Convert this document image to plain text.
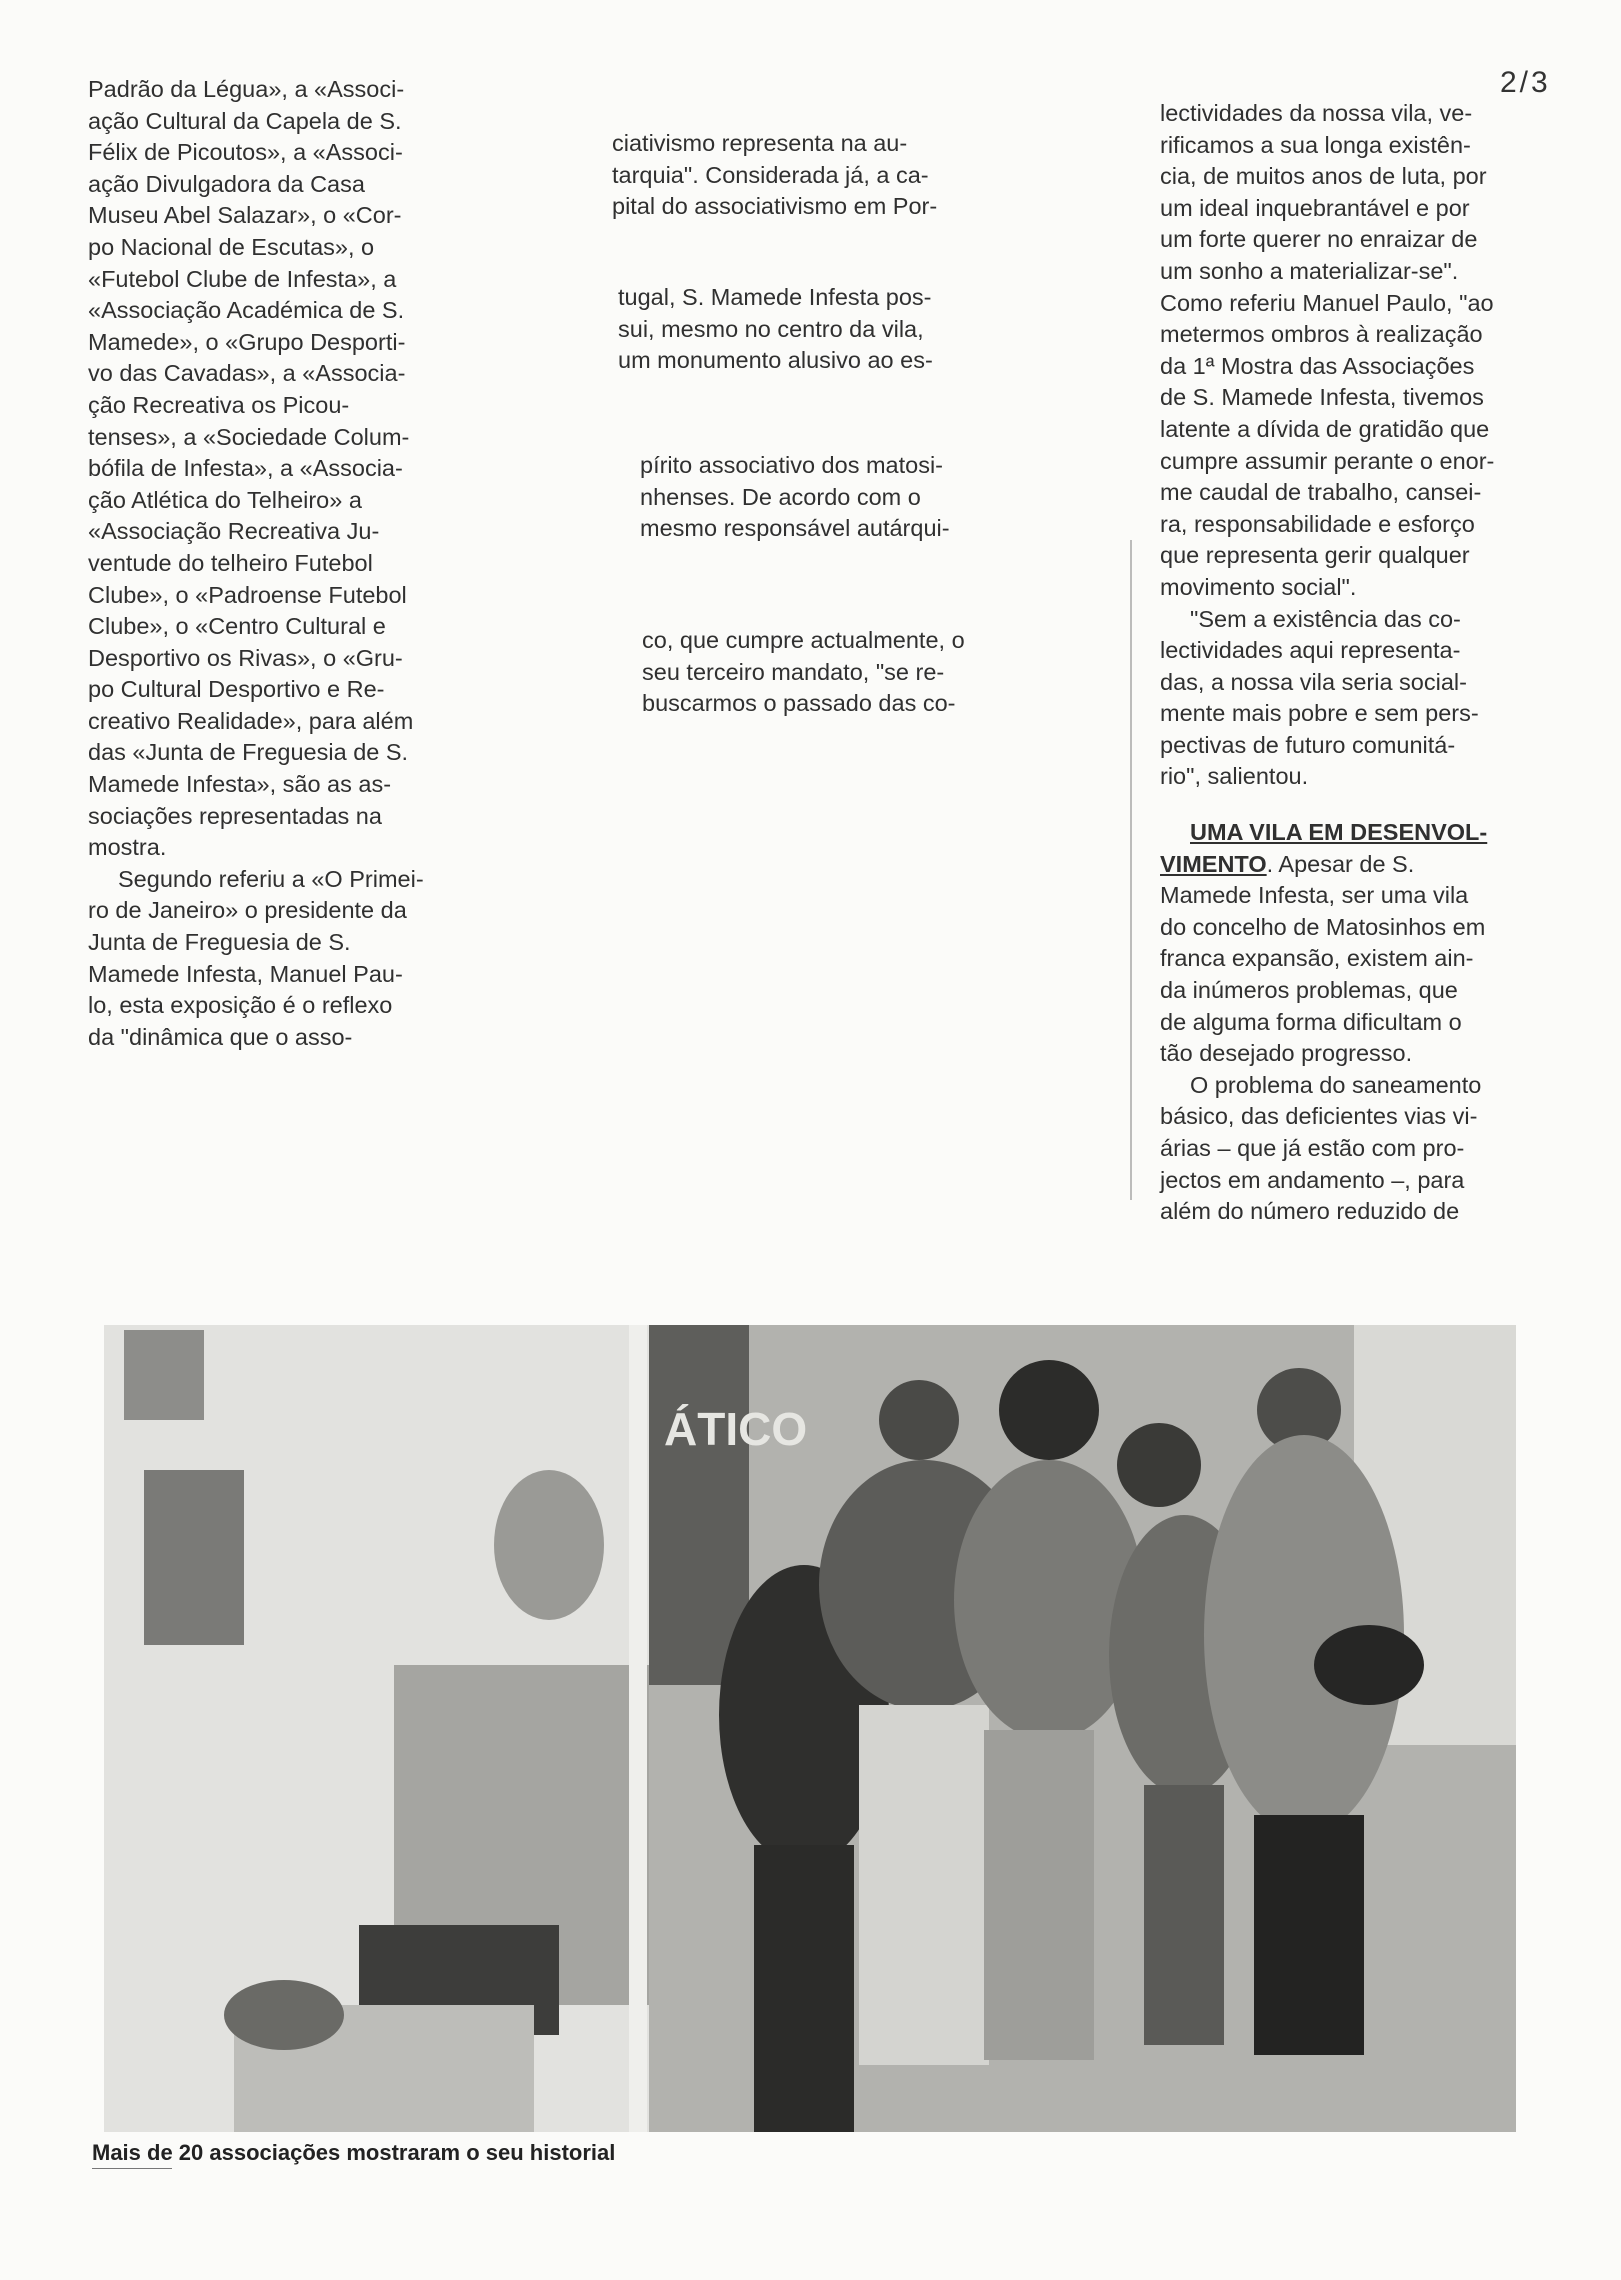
2/3
Padrão da Légua», a «Associ-
ação Cultural da Capela de S.
Félix de Picoutos», a «Associ-
ação Divulgadora da Casa
Museu Abel Salazar», o «Cor-
po Nacional de Escutas», o
«Futebol Clube de Infesta», a
«Associação Académica de S.
Mamede», o «Grupo Desporti-
vo das Cavadas», a «Associa-
ção Recreativa os Picou-
tenses», a «Sociedade Colum-
bófila de Infesta», a «Associa-
ção Atlética do Telheiro» a
«Associação Recreativa Ju-
ventude do telheiro Futebol
Clube», o «Padroense Futebol
Clube», o «Centro Cultural e
Desportivo os Rivas», o «Gru-
po Cultural Desportivo e Re-
creativo Realidade», para além
das «Junta de Freguesia de S.
Mamede Infesta», são as as-
sociações representadas na
mostra.
Segundo referiu a «O Primei-
ro de Janeiro» o presidente da
Junta de Freguesia de S.
Mamede Infesta, Manuel Pau-
lo, esta exposição é o reflexo
da "dinâmica que o asso-
ciativismo representa na au-
tarquia". Considerada já, a ca-
pital do associativismo em Por-
tugal, S. Mamede Infesta pos-
sui, mesmo no centro da vila,
um monumento alusivo ao es-
pírito associativo dos matosi-
nhenses. De acordo com o
mesmo responsável autárqui-
co, que cumpre actualmente, o
seu terceiro mandato, "se re-
buscarmos o passado das co-
lectividades da nossa vila, ve-
rificamos a sua longa existên-
cia, de muitos anos de luta, por
um ideal inquebrantável e por
um forte querer no enraizar de
um sonho a materializar-se".
Como referiu Manuel Paulo, "ao
metermos ombros à realização
da 1ª Mostra das Associações
de S. Mamede Infesta, tivemos
latente a dívida de gratidão que
cumpre assumir perante o enor-
me caudal de trabalho, cansei-
ra, responsabilidade e esforço
que representa gerir qualquer
movimento social".
"Sem a existência das co-
lectividades aqui representa-
das, a nossa vila seria social-
mente mais pobre e sem pers-
pectivas de futuro comunitá-
rio", salientou.
UMA VILA EM DESENVOL-
VIMENTO. Apesar de S.
Mamede Infesta, ser uma vila
do concelho de Matosinhos em
franca expansão, existem ain-
da inúmeros problemas, que
de alguma forma dificultam o
tão desejado progresso.
O problema do saneamento
básico, das deficientes vias vi-
árias – que já estão com pro-
jectos em andamento –, para
além do número reduzido de
ÁTICO
Mais de 20 associações mostraram o seu historial
